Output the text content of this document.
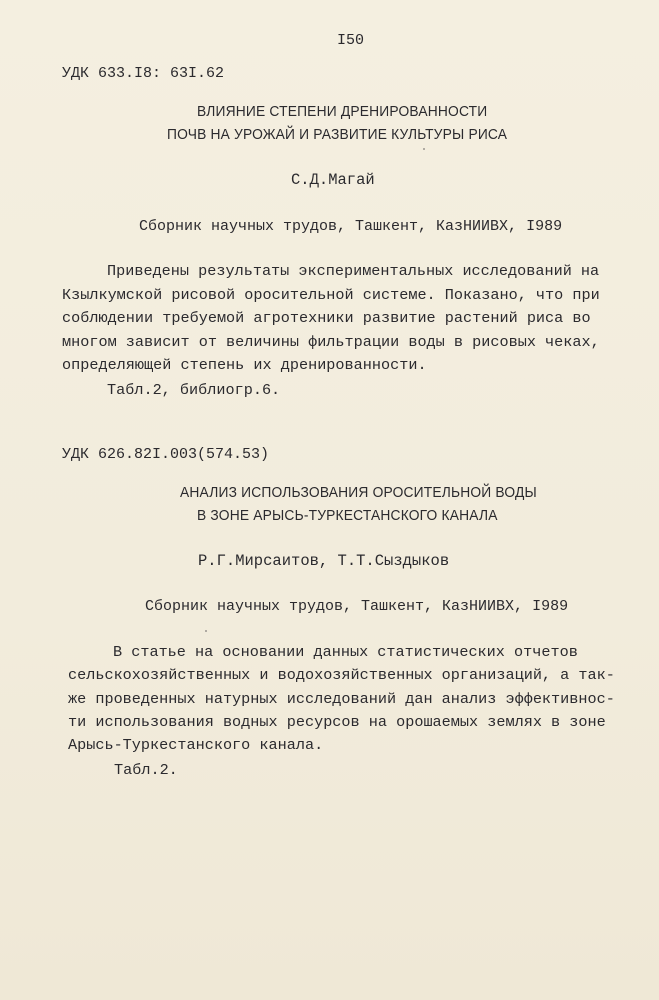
I50
УДК 633.I8: 63I.62
ВЛИЯНИЕ СТЕПЕНИ ДРЕНИРОВАННОСТИ
ПОЧВ НА УРОЖАЙ И РАЗВИТИЕ КУЛЬТУРЫ РИСА
С.Д.Магай
Сборник научных трудов, Ташкент, КазНИИВХ, I989
Приведены результаты экспериментальных исследований на
Кзылкумской рисовой оросительной системе. Показано, что при
соблюдении требуемой агротехники развитие растений риса во
многом зависит от величины фильтрации воды в рисовых чеках,
определяющей степень их дренированности.
Табл.2, библиогр.6.
УДК 626.82I.003(574.53)
АНАЛИЗ ИСПОЛЬЗОВАНИЯ ОРОСИТЕЛЬНОЙ ВОДЫ
В ЗОНЕ АРЫСЬ-ТУРКЕСТАНСКОГО КАНАЛА
Р.Г.Мирсаитов, Т.Т.Сыздыков
Сборник научных трудов, Ташкент, КазНИИВХ, I989
В статье на основании данных статистических отчетов
сельскохозяйственных и водохозяйственных организаций, а так-
же проведенных натурных исследований дан анализ эффективнос-
ти использования водных ресурсов на орошаемых землях в зоне
Арысь-Туркестанского канала.
Табл.2.
